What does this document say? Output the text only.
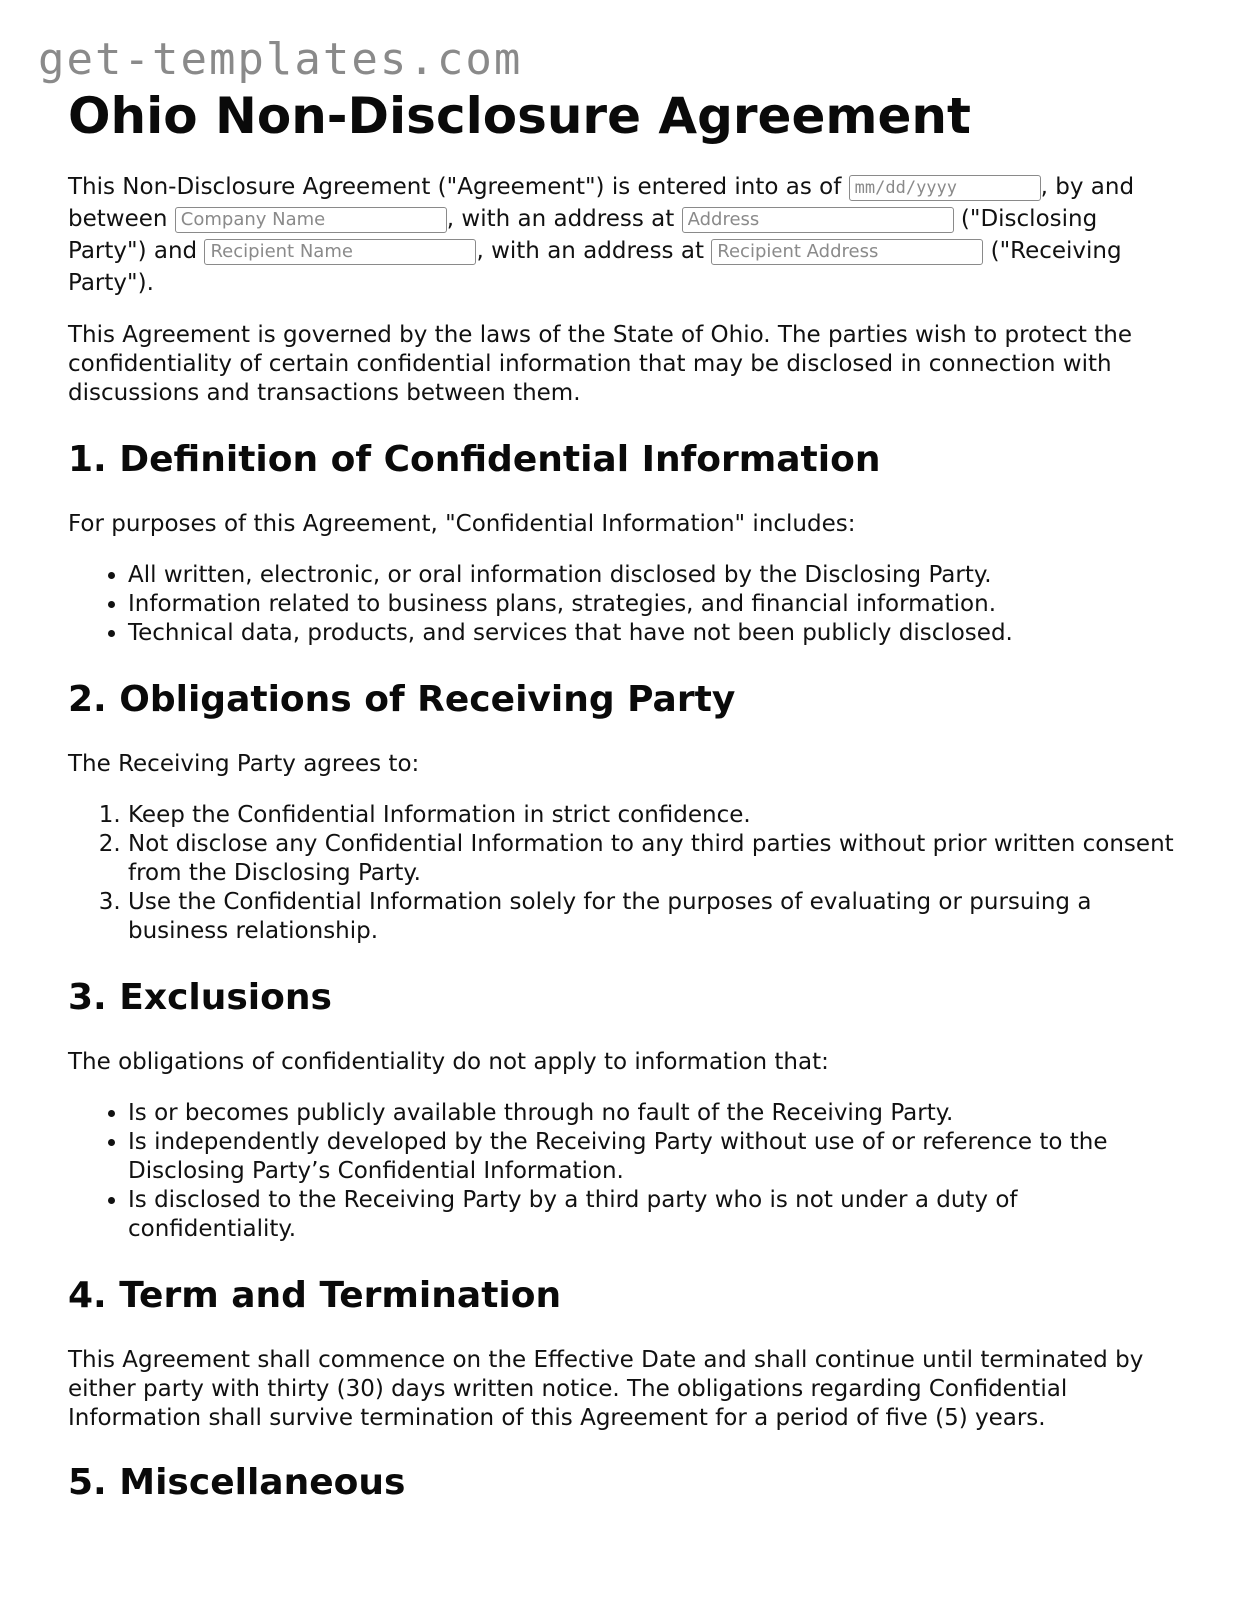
get-templates.com
Ohio Non-Disclosure Agreement

This Non-Disclosure Agreement ("Agreement") is entered into as of mm/dd/yyyy	, by and between Company Name	, with an address at Address	("Disclosing Party") and Recipient Name	, with an address at Recipient Address	("Receiving Party").

This Agreement is governed by the laws of the State of Ohio. The parties wish to protect the confidentiality of certain confidential information that may be disclosed in connection with discussions and transactions between them.

1. Definition of Confidential Information

For purposes of this Agreement, "Confidential Information" includes:

• All written, electronic, or oral information disclosed by the Disclosing Party.
• Information related to business plans, strategies, and financial information.
• Technical data, products, and services that have not been publicly disclosed.
2. Obligations of Receiving Party

The Receiving Party agrees to:

1. Keep the Confidential Information in strict confidence.
2. Not disclose any Confidential Information to any third parties without prior written consent from the Disclosing Party.
3. Use the Confidential Information solely for the purposes of evaluating or pursuing a business relationship.
3. Exclusions

The obligations of confidentiality do not apply to information that:

• Is or becomes publicly available through no fault of the Receiving Party.
• Is independently developed by the Receiving Party without use of or reference to the Disclosing Party’s Confidential Information.
• Is disclosed to the Receiving Party by a third party who is not under a duty of confidentiality.
4. Term and Termination

This Agreement shall commence on the Effective Date and shall continue until terminated by either party with thirty (30) days written notice. The obligations regarding Confidential Information shall survive termination of this Agreement for a period of five (5) years.

5. Miscellaneous
